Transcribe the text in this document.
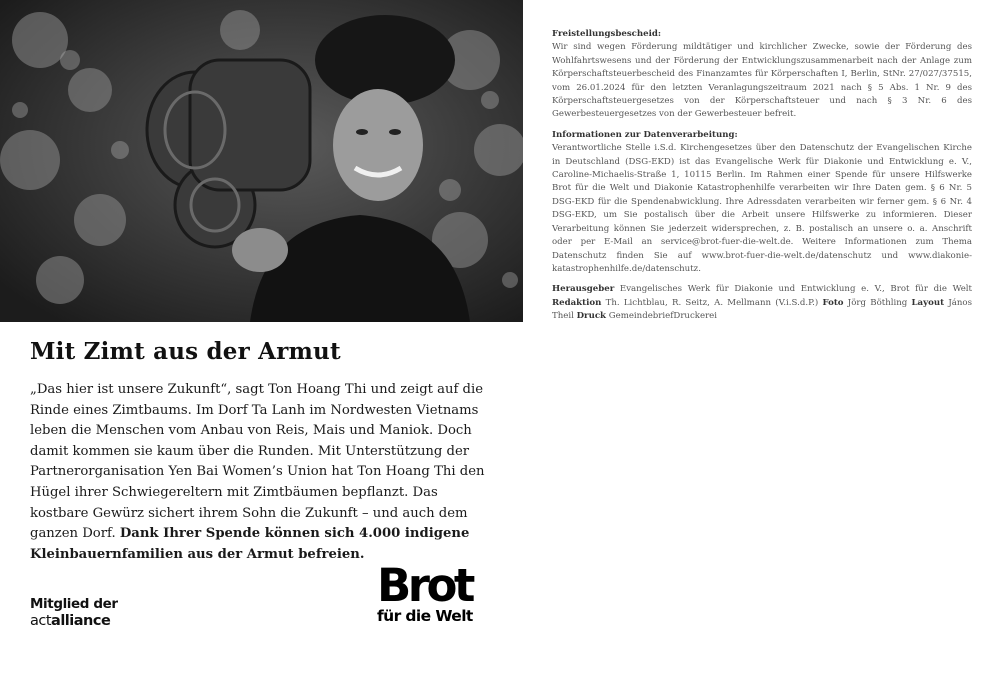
Mit Zimt aus der Armut
„Das hier ist unsere Zukunft“, sagt Ton Hoang Thi und zeigt auf die Rinde eines Zimtbaums. Im Dorf Ta Lanh im Nordwesten Vietnams leben die Menschen vom Anbau von Reis, Mais und Maniok. Doch damit kommen sie kaum über die Runden. Mit Unterstützung der Partnerorganisation Yen Bai Women’s Union hat Ton Hoang Thi den Hügel ihrer Schwiegereltern mit Zimtbäumen bepflanzt. Das kostbare Gewürz sichert ihrem Sohn die Zukunft – und auch dem ganzen Dorf. Dank Ihrer Spende können sich 4.000 indigene Kleinbauernfamilien aus der Armut befreien.
Mitglied der
actalliance
Brot
für die Welt

Freistellungsbescheid:
Wir sind wegen Förderung mildtätiger und kirchlicher Zwecke, sowie der Förderung des Wohlfahrtswesens und der Förderung der Entwicklungszusammenarbeit nach der Anlage zum Körperschaftsteuerbescheid des Finanzamtes für Körperschaften I, Berlin, StNr. 27/027/37515, vom 26.01.2024 für den letzten Veranlagungszeitraum 2021 nach § 5 Abs. 1 Nr. 9 des Körperschaftsteuergesetzes von der Körperschaftsteuer und nach § 3 Nr. 6 des Gewerbesteuergesetzes von der Gewerbesteuer befreit.

Informationen zur Datenverarbeitung:
Verantwortliche Stelle i.S.d. Kirchengesetzes über den Datenschutz der Evangelischen Kirche in Deutschland (DSG-EKD) ist das Evangelische Werk für Diakonie und Entwicklung e. V., Caroline-Michaelis-Straße 1, 10115 Berlin. Im Rahmen einer Spende für unsere Hilfswerke Brot für die Welt und Diakonie Katastrophenhilfe verarbeiten wir Ihre Daten gem. § 6 Nr. 5 DSG-EKD für die Spendenabwicklung. Ihre Adressdaten verarbeiten wir ferner gem. § 6 Nr. 4 DSG-EKD, um Sie postalisch über die Arbeit unsere Hilfswerke zu informieren. Dieser Verarbeitung können Sie jederzeit widersprechen, z. B. postalisch an unsere o. a. Anschrift oder per E-Mail an service@brot-fuer-die-welt.de. Weitere Informationen zum Thema Datenschutz finden Sie auf www.brot-fuer-die-welt.de/datenschutz und www.diakonie-katastrophenhilfe.de/datenschutz.

Herausgeber Evangelisches Werk für Diakonie und Entwicklung e. V., Brot für die Welt Redaktion Th. Lichtblau, R. Seitz, A. Mellmann (V.i.S.d.P.) Foto Jörg Böthling Layout János Theil Druck GemeindebriefDruckerei
